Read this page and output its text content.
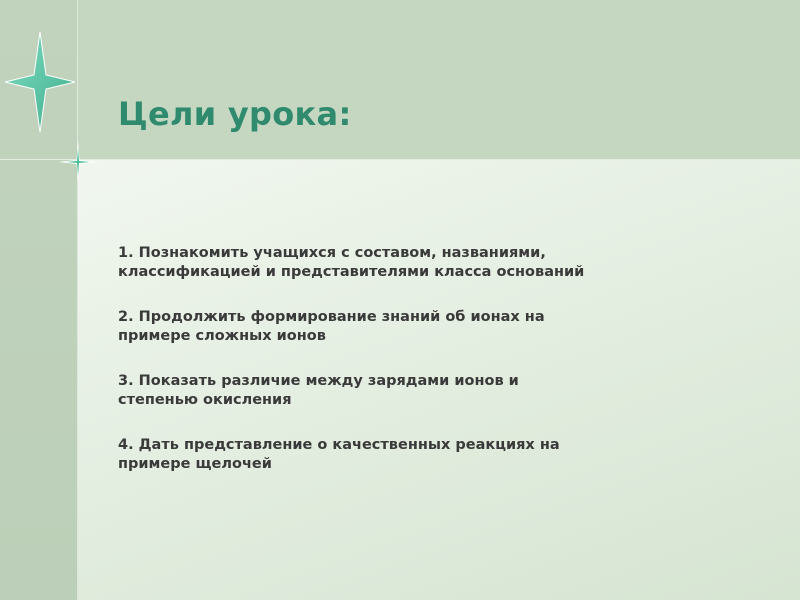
Цели урока:
1. Познакомить учащихся с составом, названиями,
классификацией и представителями класса оснований
2. Продолжить формирование знаний об ионах на
примере сложных ионов
3. Показать различие между зарядами ионов и
степенью окисления
4. Дать представление о качественных реакциях на
примере щелочей
